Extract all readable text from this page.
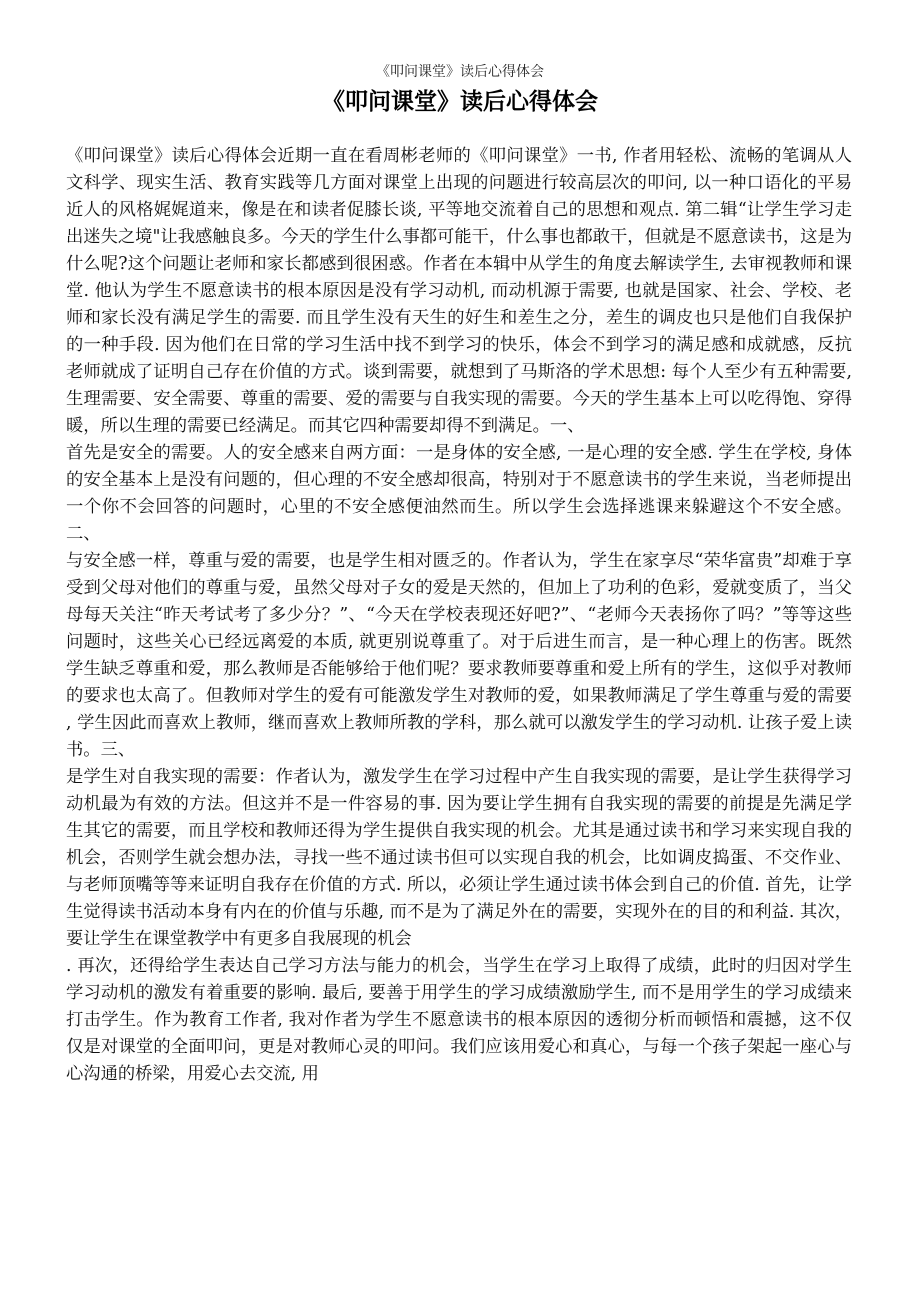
《叩问课堂》读后心得体会
《叩问课堂》读后心得体会

《叩问课堂》读后心得体会近期一直在看周彬老师的《叩问课堂》一书, 作者用轻松、流畅的笔调从人文科学、现实生活、教育实践等几方面对课堂上出现的问题进行较高层次的叩问, 以一种口语化的平易近人的风格娓娓道来，像是在和读者促膝长谈, 平等地交流着自己的思想和观点. 第二辑“让学生学习走出迷失之境"让我感触良多。今天的学生什么事都可能干，什么事也都敢干，但就是不愿意读书，这是为什么呢?这个问题让老师和家长都感到很困惑。作者在本辑中从学生的角度去解读学生, 去审视教师和课堂. 他认为学生不愿意读书的根本原因是没有学习动机, 而动机源于需要, 也就是国家、社会、学校、老师和家长没有满足学生的需要. 而且学生没有天生的好生和差生之分，差生的调皮也只是他们自我保护的一种手段. 因为他们在日常的学习生活中找不到学习的快乐，体会不到学习的满足感和成就感，反抗老师就成了证明自己存在价值的方式。谈到需要，就想到了马斯洛的学术思想: 每个人至少有五种需要, 生理需要、安全需要、尊重的需要、爱的需要与自我实现的需要。今天的学生基本上可以吃得饱、穿得暖，所以生理的需要已经满足。而其它四种需要却得不到满足。一、

首先是安全的需要。人的安全感来自两方面：一是身体的安全感, 一是心理的安全感. 学生在学校, 身体的安全基本上是没有问题的，但心理的不安全感却很高，特别对于不愿意读书的学生来说，当老师提出一个你不会回答的问题时，心里的不安全感便油然而生。所以学生会选择逃课来躲避这个不安全感。二、

与安全感一样，尊重与爱的需要，也是学生相对匮乏的。作者认为，学生在家享尽“荣华富贵”却难于享受到父母对他们的尊重与爱，虽然父母对子女的爱是天然的，但加上了功利的色彩，爱就变质了，当父母每天关注“昨天考试考了多少分？”、“今天在学校表现还好吧?”、“老师今天表扬你了吗？”等等这些问题时，这些关心已经远离爱的本质, 就更别说尊重了。对于后进生而言，是一种心理上的伤害。既然学生缺乏尊重和爱，那么教师是否能够给于他们呢？要求教师要尊重和爱上所有的学生，这似乎对教师的要求也太高了。但教师对学生的爱有可能激发学生对教师的爱，如果教师满足了学生尊重与爱的需要 , 学生因此而喜欢上教师，继而喜欢上教师所教的学科，那么就可以激发学生的学习动机. 让孩子爱上读书。三、

是学生对自我实现的需要：作者认为，激发学生在学习过程中产生自我实现的需要，是让学生获得学习动机最为有效的方法。但这并不是一件容易的事. 因为要让学生拥有自我实现的需要的前提是先满足学生其它的需要，而且学校和教师还得为学生提供自我实现的机会。尤其是通过读书和学习来实现自我的机会，否则学生就会想办法，寻找一些不通过读书但可以实现自我的机会，比如调皮捣蛋、不交作业、与老师顶嘴等等来证明自我存在价值的方式. 所以，必须让学生通过读书体会到自己的价值. 首先，让学生觉得读书活动本身有内在的价值与乐趣, 而不是为了满足外在的需要，实现外在的目的和利益. 其次，要让学生在课堂教学中有更多自我展现的机会

. 再次，还得给学生表达自己学习方法与能力的机会，当学生在学习上取得了成绩，此时的归因对学生学习动机的激发有着重要的影响. 最后, 要善于用学生的学习成绩激励学生, 而不是用学生的学习成绩来打击学生。作为教育工作者, 我对作者为学生不愿意读书的根本原因的透彻分析而顿悟和震撼，这不仅仅是对课堂的全面叩问，更是对教师心灵的叩问。我们应该用爱心和真心，与每一个孩子架起一座心与心沟通的桥梁，用爱心去交流, 用
